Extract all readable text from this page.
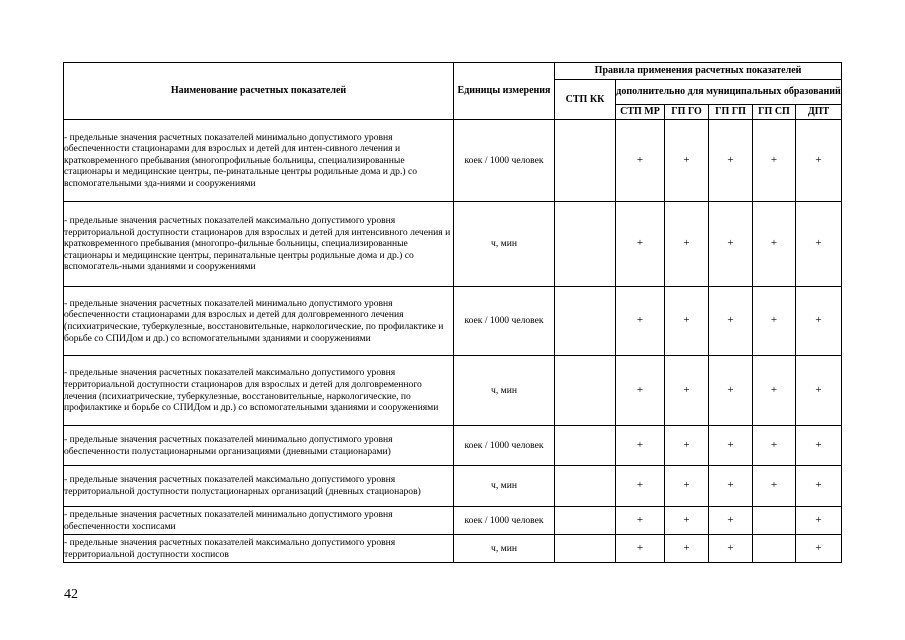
Наименование расчетных показателей	Единицы измерения	Правила применения расчетных показателей					
		СТП КК	дополнительно для муниципальных образований				
			СТП МР	ГП ГО	ГП ГП	ГП СП	ДПТ
- предельные значения расчетных показателей минимально допустимого уровня обеспеченности стационарами для взрослых и детей для интен-сивного лечения и кратковременного пребывания (многопрофильные больницы, специализированные стационары и медицинские центры, пе-ринатальные центры родильные дома и др.) со вспомогательными зда-ниями и сооружениями	коек / 1000 человек		+	+	+	+	+
- предельные значения расчетных показателей максимально допустимого уровня территориальной доступности стационаров для взрослых и детей для интенсивного лечения и кратковременного пребывания (многопро-фильные больницы, специализированные стационары и медицинские центры, перинатальные центры родильные дома и др.) со вспомогатель-ными зданиями и сооружениями	ч, мин		+	+	+	+	+
- предельные значения расчетных показателей минимально допустимого уровня обеспеченности стационарами для взрослых и детей для долговременного лечения (психиатрические, туберкулезные, восстановительные, наркологические, по профилактике и борьбе со СПИДом и др.) со вспомогательными зданиями и сооружениями	коек / 1000 человек		+	+	+	+	+
- предельные значения расчетных показателей максимально допустимого уровня территориальной доступности стационаров для взрослых и детей для долговременного лечения (психиатрические, туберкулезные, восстановительные, наркологические, по профилактике и борьбе со СПИДом и др.) со вспомогательными зданиями и сооружениями	ч, мин		+	+	+	+	+
- предельные значения расчетных показателей минимально допустимого уровня обеспеченности полустационарными организациями (дневными стационарами)	коек / 1000 человек		+	+	+	+	+
- предельные значения расчетных показателей максимально допустимого уровня территориальной доступности полустационарных организаций (дневных стационаров)	ч, мин		+	+	+	+	+
- предельные значения расчетных показателей минимально допустимого уровня обеспеченности хосписами	коек / 1000 человек		+	+	+		+
- предельные значения расчетных показателей максимально допустимого уровня территориальной доступности хосписов	ч, мин		+	+	+		+
42
